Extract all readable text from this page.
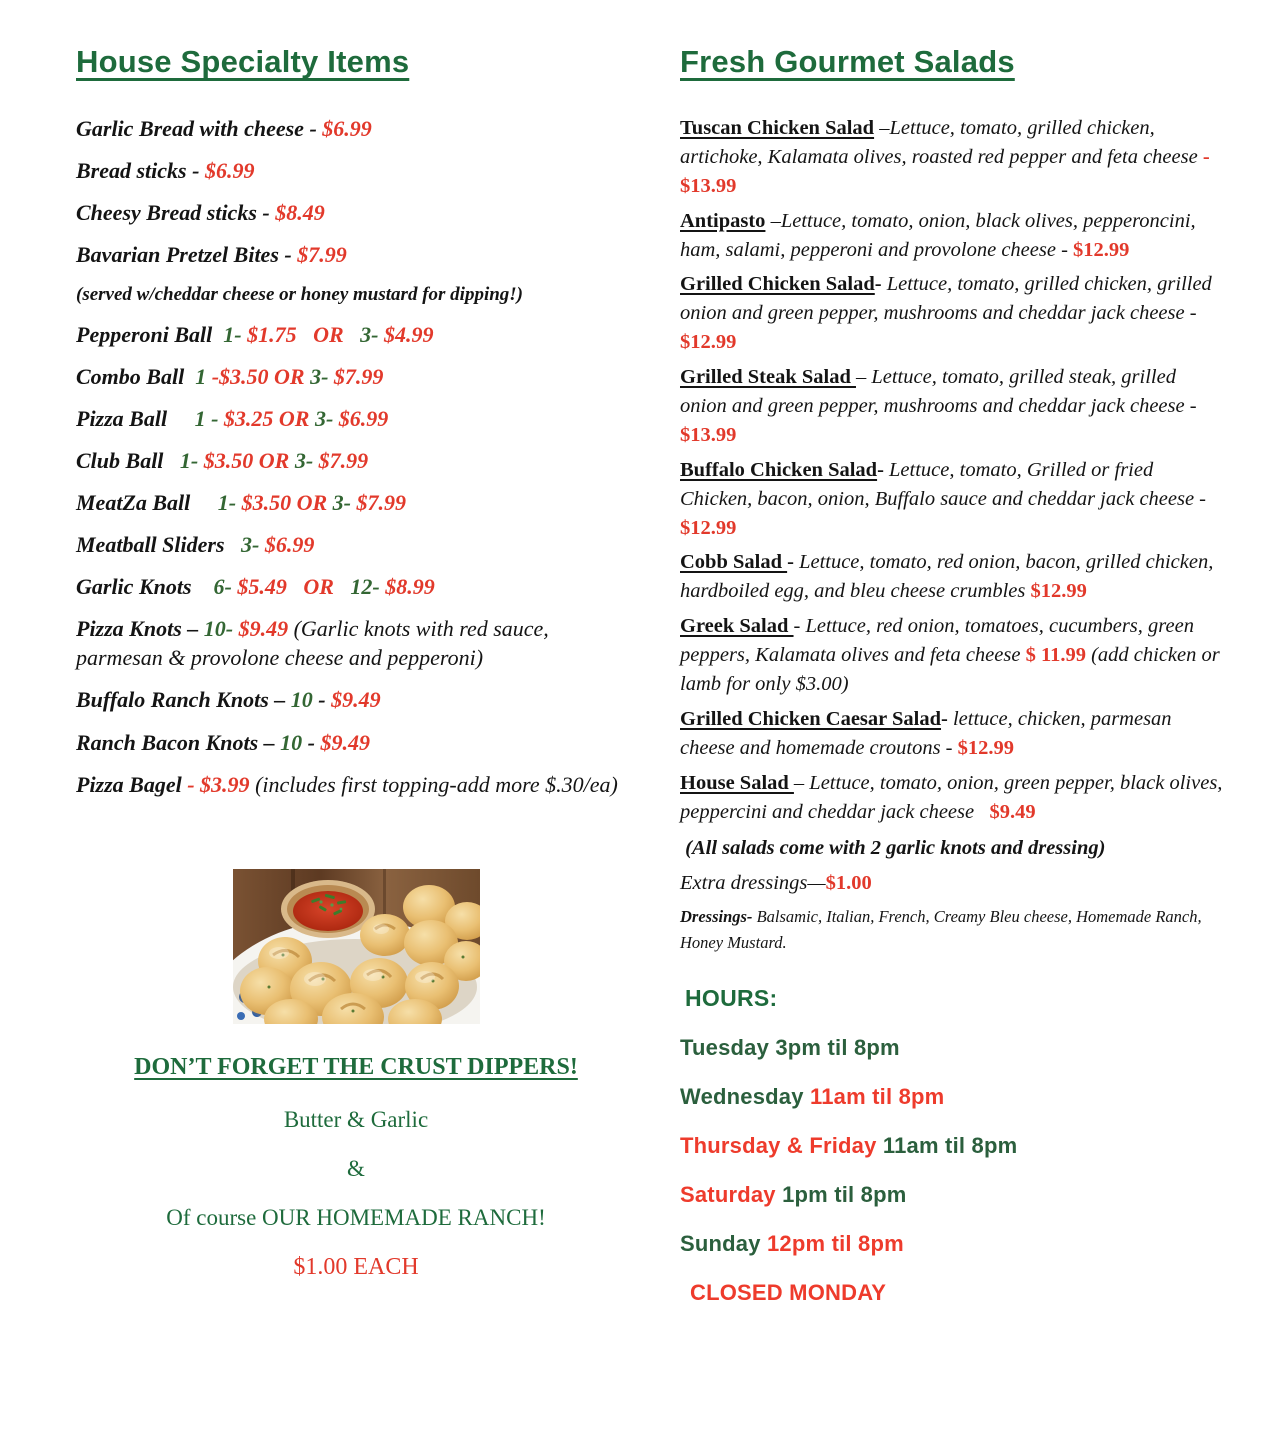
House Specialty Items
Garlic Bread with cheese - $6.99
Bread sticks - $6.99
Cheesy Bread sticks - $8.49
Bavarian Pretzel Bites - $7.99
(served w/cheddar cheese or honey mustard for dipping!)
Pepperoni Ball  1- $1.75   OR   3- $4.99
Combo Ball  1 -$3.50 OR 3- $7.99
Pizza Ball     1 - $3.25 OR 3- $6.99
Club Ball   1- $3.50 OR 3- $7.99
MeatZa Ball     1- $3.50 OR 3- $7.99
Meatball Sliders   3- $6.99
Garlic Knots    6- $5.49   OR   12- $8.99
Pizza Knots – 10- $9.49 (Garlic knots with red sauce, parmesan & provolone cheese and pepperoni)
Buffalo Ranch Knots – 10 - $9.49
Ranch Bacon Knots – 10 - $9.49
Pizza Bagel - $3.99 (includes first topping-add more $.30/ea)
DON’T FORGET THE CRUST DIPPERS!
Butter & Garlic
&
Of course OUR HOMEMADE RANCH!
$1.00 EACH
Fresh Gourmet Salads
Tuscan Chicken Salad –Lettuce, tomato, grilled chicken, artichoke, Kalamata olives, roasted red pepper and feta cheese - $13.99
Antipasto –Lettuce, tomato, onion, black olives, pepperoncini, ham, salami, pepperoni and provolone cheese - $12.99
Grilled Chicken Salad- Lettuce, tomato, grilled chicken, grilled onion and green pepper, mushrooms and cheddar jack cheese - $12.99
Grilled Steak Salad – Lettuce, tomato, grilled steak, grilled onion and green pepper, mushrooms and cheddar jack cheese - $13.99
Buffalo Chicken Salad- Lettuce, tomato, Grilled or fried Chicken, bacon, onion, Buffalo sauce and cheddar jack cheese - $12.99
Cobb Salad - Lettuce, tomato, red onion, bacon, grilled chicken, hardboiled egg, and bleu cheese crumbles $12.99
Greek Salad - Lettuce, red onion, tomatoes, cucumbers, green peppers, Kalamata olives and feta cheese $ 11.99 (add chicken or lamb for only $3.00)
Grilled Chicken Caesar Salad- lettuce, chicken, parmesan cheese and homemade croutons - $12.99
House Salad – Lettuce, tomato, onion, green pepper, black olives, peppercini and cheddar jack cheese   $9.49
(All salads come with 2 garlic knots and dressing)
Extra dressings—$1.00
Dressings- Balsamic, Italian, French, Creamy Bleu cheese, Homemade Ranch, Honey Mustard.
HOURS:
Tuesday 3pm til 8pm
Wednesday 11am til 8pm
Thursday & Friday 11am til 8pm
Saturday 1pm til 8pm
Sunday 12pm til 8pm
CLOSED MONDAY
